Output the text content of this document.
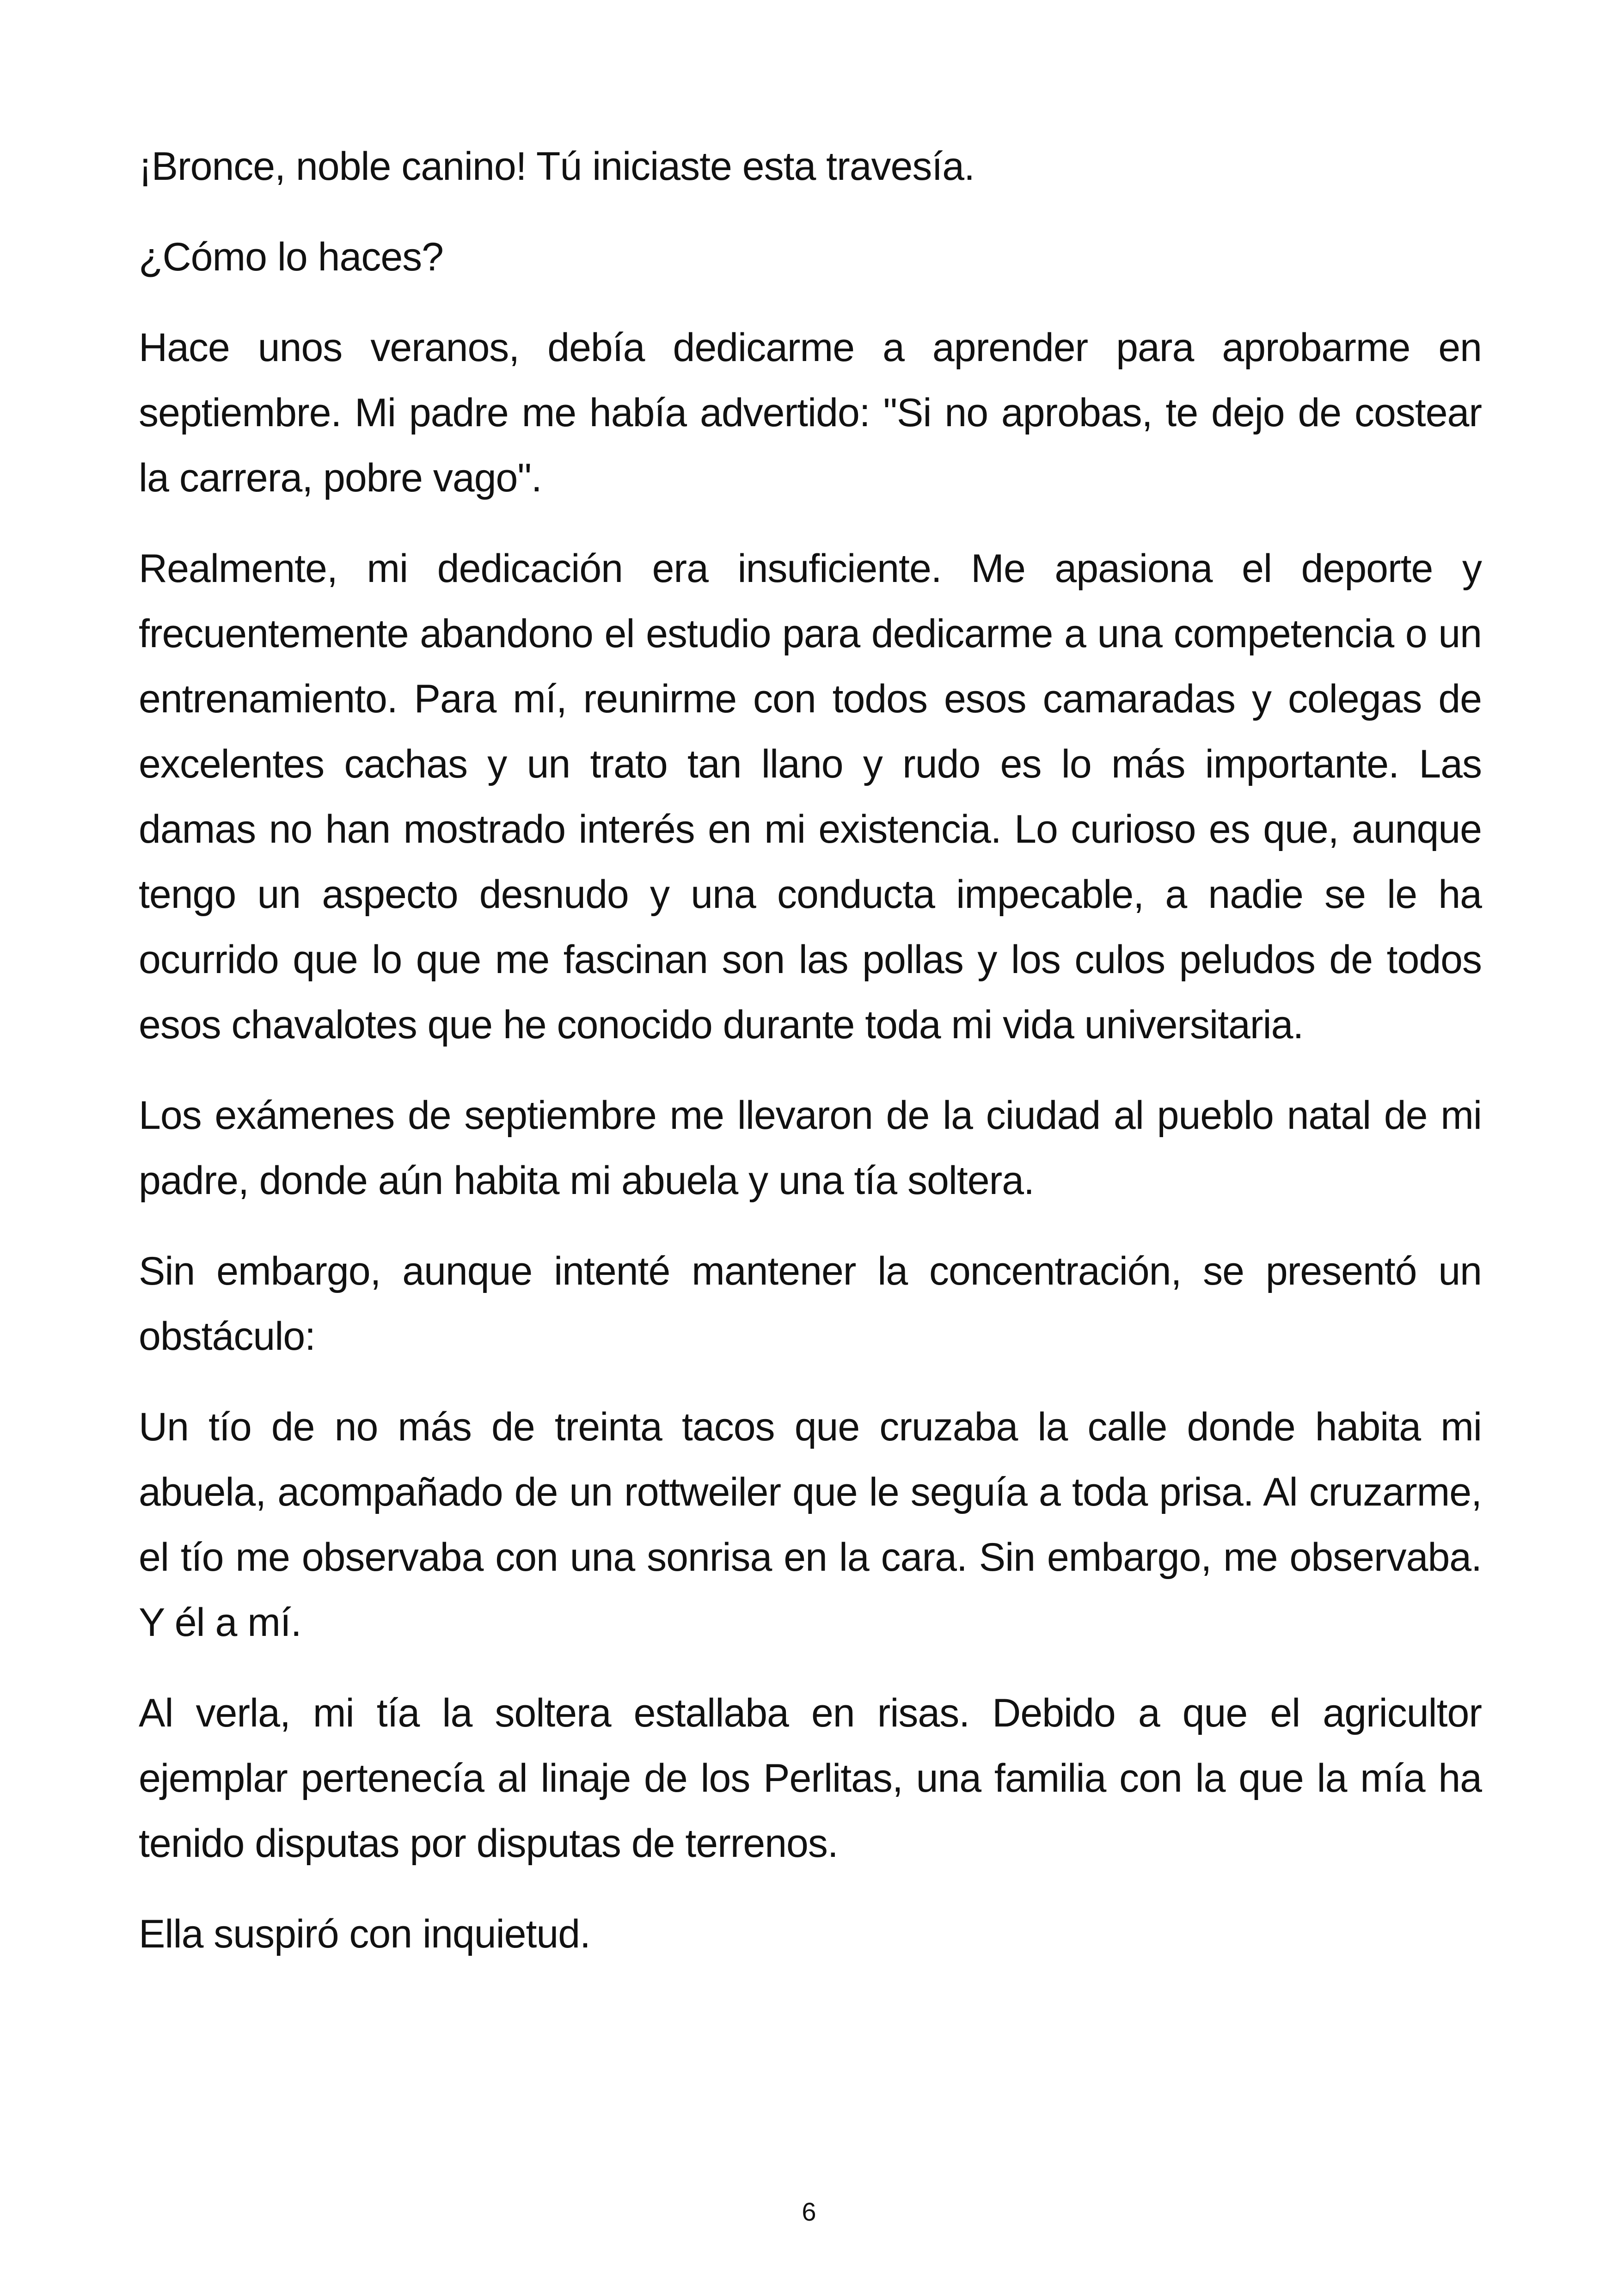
¡Bronce, noble canino! Tú iniciaste esta travesía.

¿Cómo lo haces?

Hace unos veranos, debía dedicarme a aprender para aprobarme en septiembre. Mi padre me había advertido: "Si no aprobas, te dejo de costear la carrera, pobre vago".

Realmente, mi dedicación era insuficiente. Me apasiona el deporte y frecuentemente abandono el estudio para dedicarme a una competencia o un entrenamiento. Para mí, reunirme con todos esos camaradas y colegas de excelentes cachas y un trato tan llano y rudo es lo más importante. Las damas no han mostrado interés en mi existencia. Lo curioso es que, aunque tengo un aspecto desnudo y una conducta impecable, a nadie se le ha ocurrido que lo que me fascinan son las pollas y los culos peludos de todos esos chavalotes que he conocido durante toda mi vida universitaria.

Los exámenes de septiembre me llevaron de la ciudad al pueblo natal de mi padre, donde aún habita mi abuela y una tía soltera.

Sin embargo, aunque intenté mantener la concentración, se presentó un obstáculo:

Un tío de no más de treinta tacos que cruzaba la calle donde habita mi abuela, acompañado de un rottweiler que le seguía a toda prisa. Al cruzarme, el tío me observaba con una sonrisa en la cara. Sin embargo, me observaba. Y él a mí.

Al verla, mi tía la soltera estallaba en risas. Debido a que el agricultor ejemplar pertenecía al linaje de los Perlitas, una familia con la que la mía ha tenido disputas por disputas de terrenos.

Ella suspiró con inquietud.

6
